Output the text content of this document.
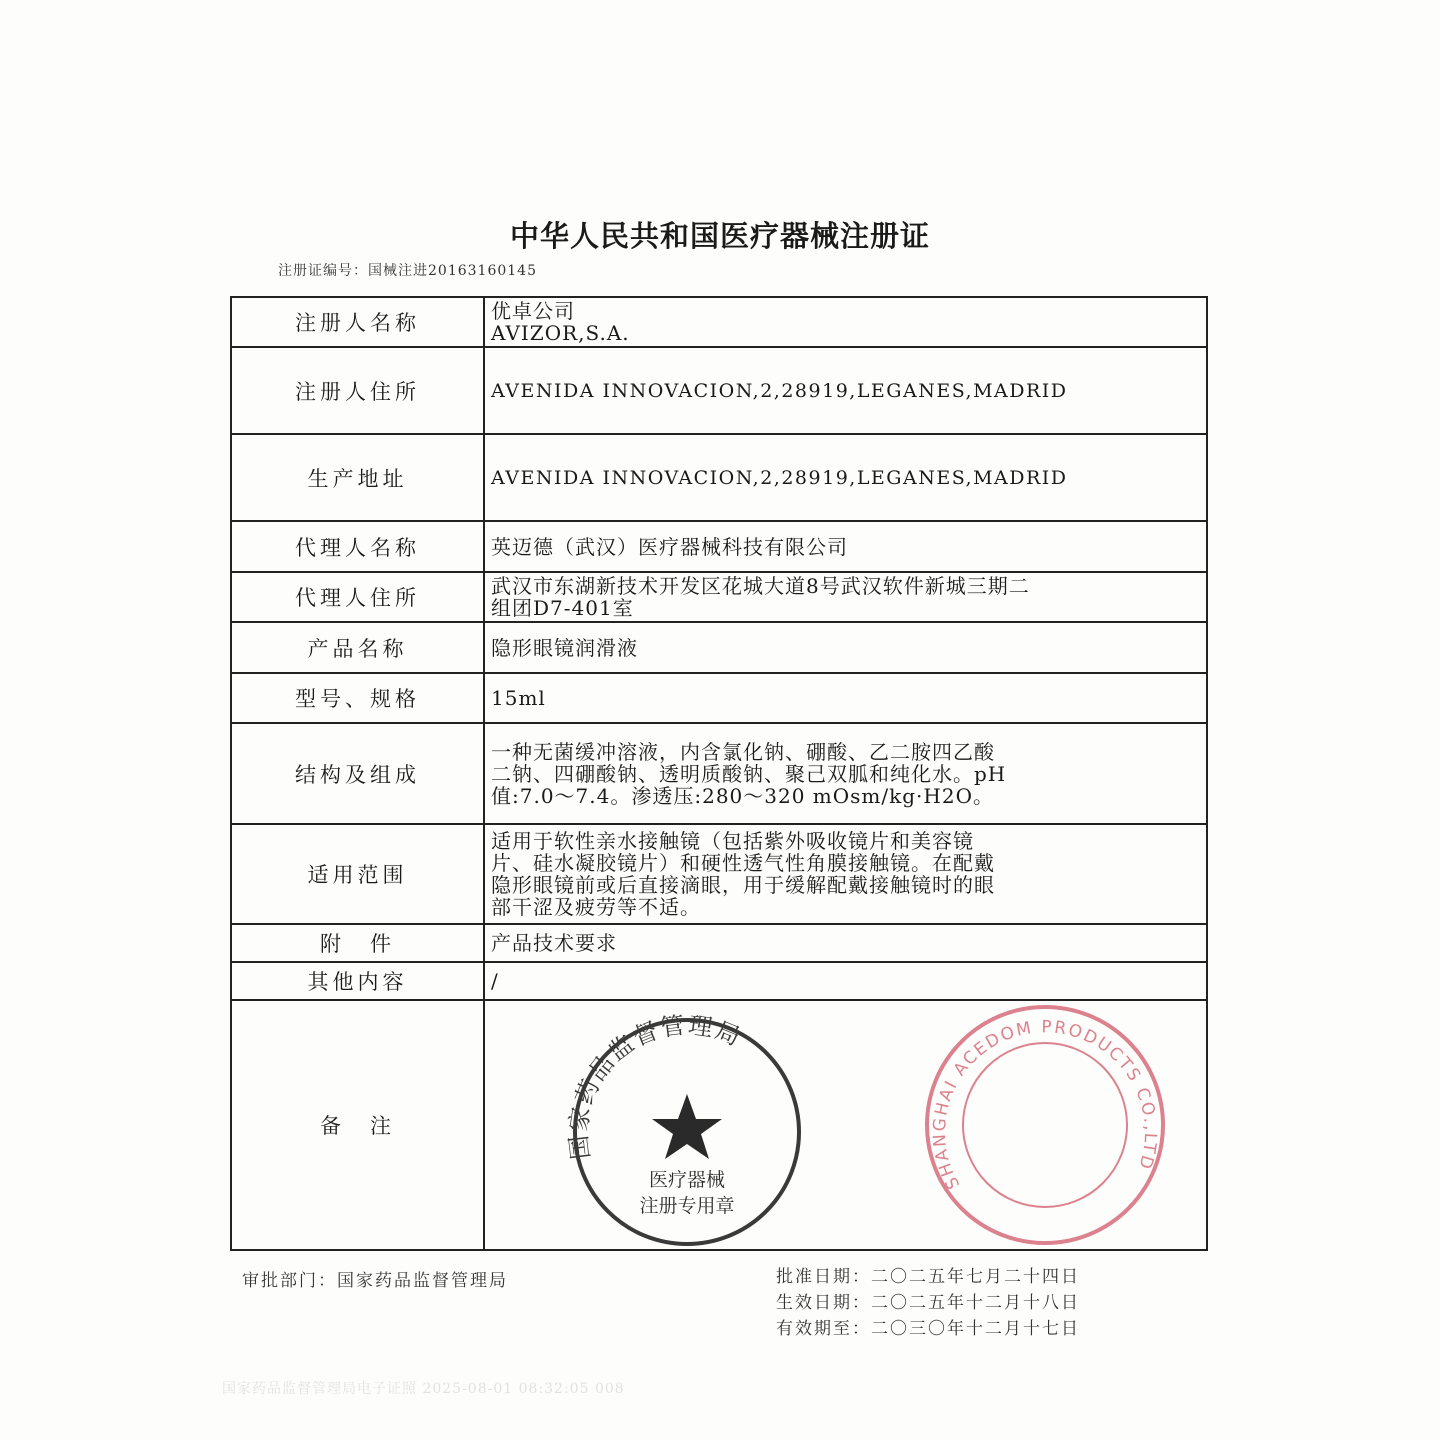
中华人民共和国医疗器械注册证
注册证编号：国械注进20163160145
注册人名称	优卓公司
AVIZOR,S.A.

注册人住所	AVENIDA INNOVACION,2,28919,LEGANES,MADRID

生产地址	AVENIDA INNOVACION,2,28919,LEGANES,MADRID

代理人名称	英迈德（武汉）医疗器械科技有限公司

代理人住所	武汉市东湖新技术开发区花城大道8号武汉软件新城三期二
组团D7-401室

产品名称	隐形眼镜润滑液

型号、规格	15ml

结构及组成	一种无菌缓冲溶液，内含氯化钠、硼酸、乙二胺四乙酸
二钠、四硼酸钠、透明质酸钠、聚己双胍和纯化水。pH
值:7.0～7.4。渗透压:280～320 mOsm/kg·H2O。

适用范围	适用于软性亲水接触镜（包括紫外吸收镜片和美容镜
片、硅水凝胶镜片）和硬性透气性角膜接触镜。在配戴
隐形眼镜前或后直接滴眼，用于缓解配戴接触镜时的眼
部干涩及疲劳等不适。

附　件	产品技术要求

其他内容	/

备　注	
审批部门：国家药品监督管理局	批准日期：二〇二五年七月二十四日
生效日期：二〇二五年十二月十八日
有效期至：二〇三〇年十二月十七日
国家药品监督管理局电子证照 2025-08-01 08:32:05 008
SHANGHAI ACEDOM PRODUCTS CO.,LTD
国家药品监督管理局
医疗器械
注册专用章
